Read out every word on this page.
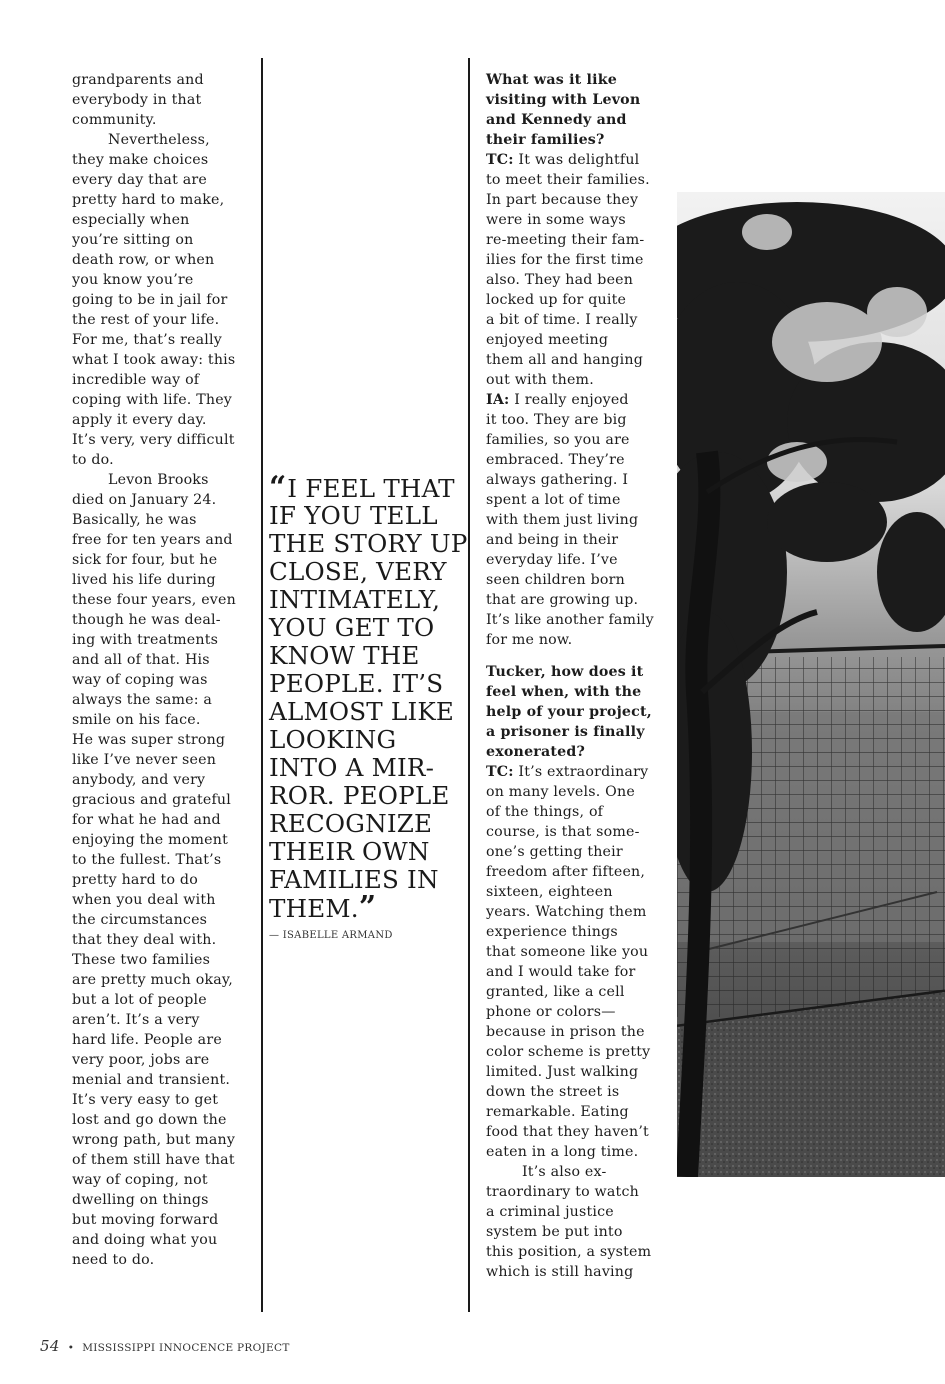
grandparents and
everybody in that
community.
Nevertheless,
they make choices
every day that are
pretty hard to make,
especially when
you’re sitting on
death row, or when
you know you’re
going to be in jail for
the rest of your life.
For me, that’s really
what I took away: this
incredible way of
coping with life. They
apply it every day.
It’s very, very difficult
to do.
Levon Brooks
died on January 24.
Basically, he was
free for ten years and
sick for four, but he
lived his life during
these four years, even
though he was deal-
ing with treatments
and all of that. His
way of coping was
always the same: a
smile on his face.
He was super strong
like I’ve never seen
anybody, and very
gracious and grateful
for what he had and
enjoying the moment
to the fullest. That’s
pretty hard to do
when you deal with
the circumstances
that they deal with.
These two families
are pretty much okay,
but a lot of people
aren’t. It’s a very
hard life. People are
very poor, jobs are
menial and transient.
It’s very easy to get
lost and go down the
wrong path, but many
of them still have that
way of coping, not
dwelling on things
but moving forward
and doing what you
need to do.
“ I FEEL THAT
IF YOU TELL
THE STORY UP
CLOSE, VERY
INTIMATELY,
YOU GET TO
KNOW THE
PEOPLE. IT’S
ALMOST LIKE
LOOKING
INTO A MIR-
ROR. PEOPLE
RECOGNIZE
THEIR OWN
FAMILIES IN
THEM.”
— ISABELLE ARMAND
What was it like
visiting with Levon
and Kennedy and
their families?
TC: It was delightful
to meet their families.
In part because they
were in some ways
re-meeting their fam-
ilies for the first time
also. They had been
locked up for quite
a bit of time. I really
enjoyed meeting
them all and hanging
out with them.
IA: I really enjoyed
it too. They are big
families, so you are
embraced. They’re
always gathering. I
spent a lot of time
with them just living
and being in their
everyday life. I’ve
seen children born
that are growing up.
It’s like another family
for me now.
Tucker, how does it
feel when, with the
help of your project,
a prisoner is finally
exonerated?
TC: It’s extraordinary
on many levels. One
of the things, of
course, is that some-
one’s getting their
freedom after fifteen,
sixteen, eighteen
years. Watching them
experience things
that someone like you
and I would take for
granted, like a cell
phone or colors—
because in prison the
color scheme is pretty
limited. Just walking
down the street is
remarkable. Eating
food that they haven’t
eaten in a long time.
It’s also ex-
traordinary to watch
a criminal justice
system be put into
this position, a system
which is still having
54 • MISSISSIPPI INNOCENCE PROJECT
